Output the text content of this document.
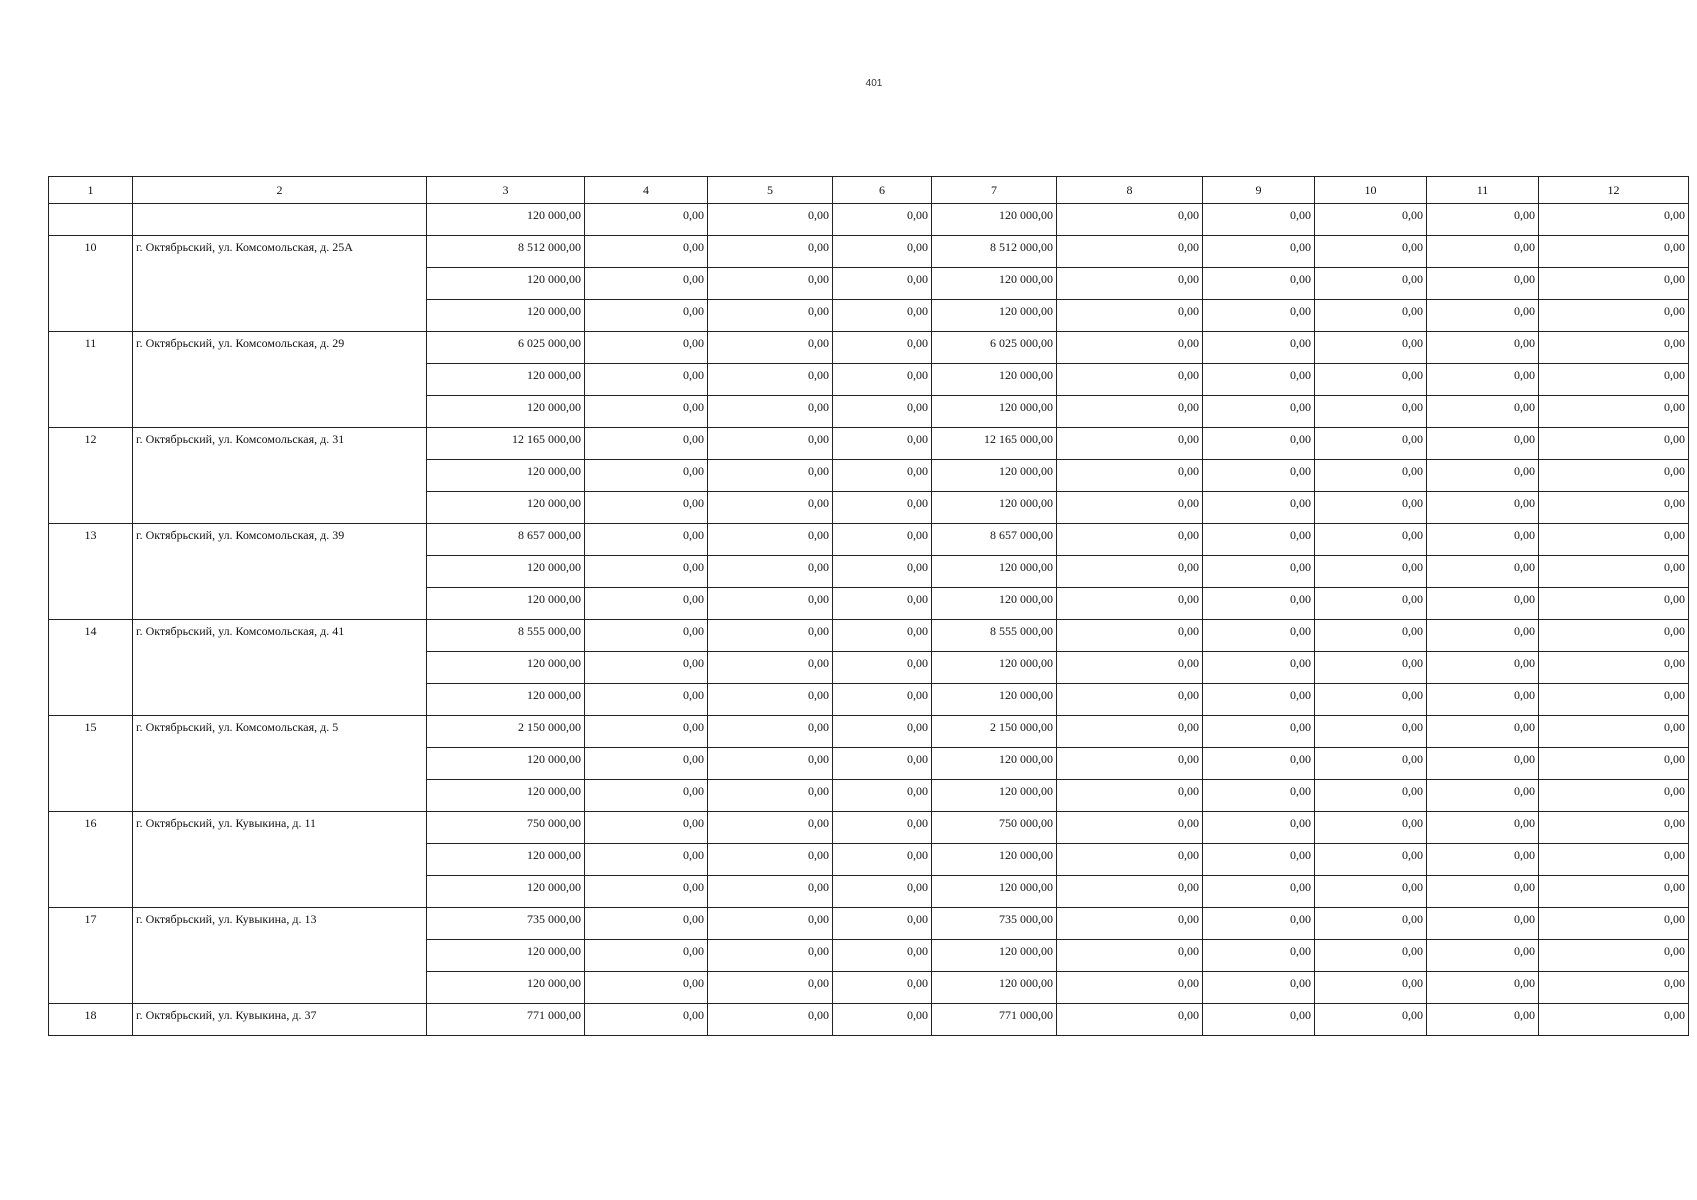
401
1	2	3	4	5	6	7	8	9	10	11	12
		120 000,00	0,00	0,00	0,00	120 000,00	0,00	0,00	0,00	0,00	0,00
10	г. Октябрьский, ул. Комсомольская, д. 25А	8 512 000,00	0,00	0,00	0,00	8 512 000,00	0,00	0,00	0,00	0,00	0,00
		120 000,00	0,00	0,00	0,00	120 000,00	0,00	0,00	0,00	0,00	0,00
		120 000,00	0,00	0,00	0,00	120 000,00	0,00	0,00	0,00	0,00	0,00
11	г. Октябрьский, ул. Комсомольская, д. 29	6 025 000,00	0,00	0,00	0,00	6 025 000,00	0,00	0,00	0,00	0,00	0,00
		120 000,00	0,00	0,00	0,00	120 000,00	0,00	0,00	0,00	0,00	0,00
		120 000,00	0,00	0,00	0,00	120 000,00	0,00	0,00	0,00	0,00	0,00
12	г. Октябрьский, ул. Комсомольская, д. 31	12 165 000,00	0,00	0,00	0,00	12 165 000,00	0,00	0,00	0,00	0,00	0,00
		120 000,00	0,00	0,00	0,00	120 000,00	0,00	0,00	0,00	0,00	0,00
		120 000,00	0,00	0,00	0,00	120 000,00	0,00	0,00	0,00	0,00	0,00
13	г. Октябрьский, ул. Комсомольская, д. 39	8 657 000,00	0,00	0,00	0,00	8 657 000,00	0,00	0,00	0,00	0,00	0,00
		120 000,00	0,00	0,00	0,00	120 000,00	0,00	0,00	0,00	0,00	0,00
		120 000,00	0,00	0,00	0,00	120 000,00	0,00	0,00	0,00	0,00	0,00
14	г. Октябрьский, ул. Комсомольская, д. 41	8 555 000,00	0,00	0,00	0,00	8 555 000,00	0,00	0,00	0,00	0,00	0,00
		120 000,00	0,00	0,00	0,00	120 000,00	0,00	0,00	0,00	0,00	0,00
		120 000,00	0,00	0,00	0,00	120 000,00	0,00	0,00	0,00	0,00	0,00
15	г. Октябрьский, ул. Комсомольская, д. 5	2 150 000,00	0,00	0,00	0,00	2 150 000,00	0,00	0,00	0,00	0,00	0,00
		120 000,00	0,00	0,00	0,00	120 000,00	0,00	0,00	0,00	0,00	0,00
		120 000,00	0,00	0,00	0,00	120 000,00	0,00	0,00	0,00	0,00	0,00
16	г. Октябрьский, ул. Кувыкина, д. 11	750 000,00	0,00	0,00	0,00	750 000,00	0,00	0,00	0,00	0,00	0,00
		120 000,00	0,00	0,00	0,00	120 000,00	0,00	0,00	0,00	0,00	0,00
		120 000,00	0,00	0,00	0,00	120 000,00	0,00	0,00	0,00	0,00	0,00
17	г. Октябрьский, ул. Кувыкина, д. 13	735 000,00	0,00	0,00	0,00	735 000,00	0,00	0,00	0,00	0,00	0,00
		120 000,00	0,00	0,00	0,00	120 000,00	0,00	0,00	0,00	0,00	0,00
		120 000,00	0,00	0,00	0,00	120 000,00	0,00	0,00	0,00	0,00	0,00
18	г. Октябрьский, ул. Кувыкина, д. 37	771 000,00	0,00	0,00	0,00	771 000,00	0,00	0,00	0,00	0,00	0,00
